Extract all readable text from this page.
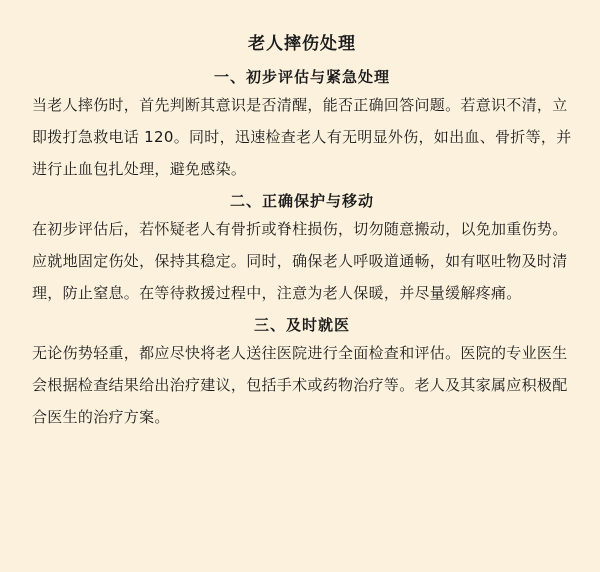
老人摔伤处理
一、初步评估与紧急处理

当老人摔伤时，首先判断其意识是否清醒，能否正确回答问题。若意识不清，立即拨打急救电话 120。同时，迅速检查老人有无明显外伤，如出血、骨折等，并进行止血包扎处理，避免感染。

二、正确保护与移动

在初步评估后，若怀疑老人有骨折或脊柱损伤，切勿随意搬动，以免加重伤势。应就地固定伤处，保持其稳定。同时，确保老人呼吸道通畅，如有呕吐物及时清理，防止窒息。在等待救援过程中，注意为老人保暖，并尽量缓解疼痛。

三、及时就医

无论伤势轻重，都应尽快将老人送往医院进行全面检查和评估。医院的专业医生会根据检查结果给出治疗建议，包括手术或药物治疗等。老人及其家属应积极配合医生的治疗方案。
